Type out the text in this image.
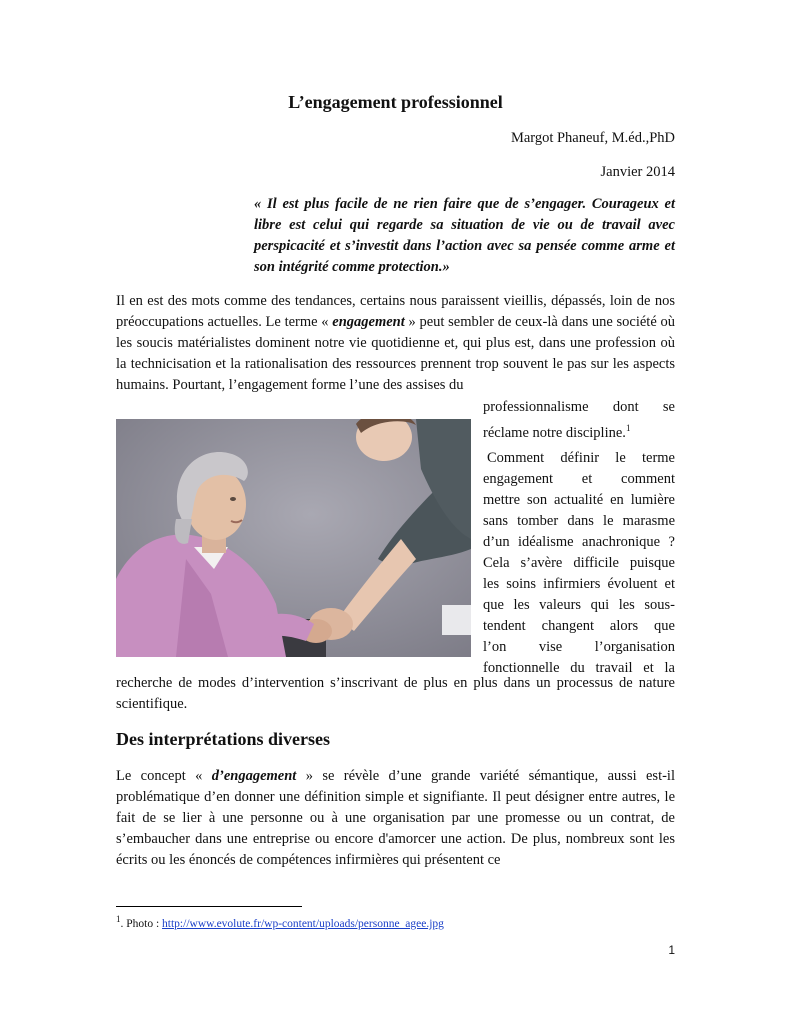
L’engagement professionnel
Margot Phaneuf, M.éd.,PhD
Janvier 2014
« Il est plus facile de ne rien faire que de s’engager. Courageux et libre est celui qui regarde sa situation de vie ou de travail avec perspicacité et s’investit dans l’action avec sa pensée comme arme et son intégrité comme protection.»
Il en est des mots comme des tendances, certains nous paraissent vieillis, dépassés, loin de nos préoccupations actuelles. Le terme « engagement » peut sembler de ceux-là dans une société où les soucis matérialistes dominent notre vie quotidienne et, qui plus est, dans une profession où la technicisation et la rationalisation des ressources prennent trop souvent le pas sur les aspects humains. Pourtant, l’engagement forme l’une des assises du
professionnalisme dont se
réclame notre discipline.$^1$
Comment définir le terme
engagement et comment
mettre son actualité en lumière
sans tomber dans le marasme
d’un idéalisme anachronique ?
Cela s’avère difficile puisque
les soins infirmiers évoluent et
que les valeurs qui les sous-
tendent changent alors que
l’on vise l’organisation
fonctionnelle du travail et la
recherche de modes d’intervention s’inscrivant de plus en plus dans un processus de nature scientifique.
Des interprétations diverses
Le concept « d’engagement » se révèle d’une grande variété sémantique, aussi est-il problématique d’en donner une définition simple et signifiante. Il peut désigner entre autres, le fait de se lier à une personne ou à une organisation par une promesse ou un contrat, de s’embaucher dans une entreprise ou encore d'amorcer une action. De plus, nombreux sont les écrits ou les énoncés de compétences infirmières qui présentent ce
$^1$. Photo : http://www.evolute.fr/wp-content/uploads/personne_agee.jpg
1
